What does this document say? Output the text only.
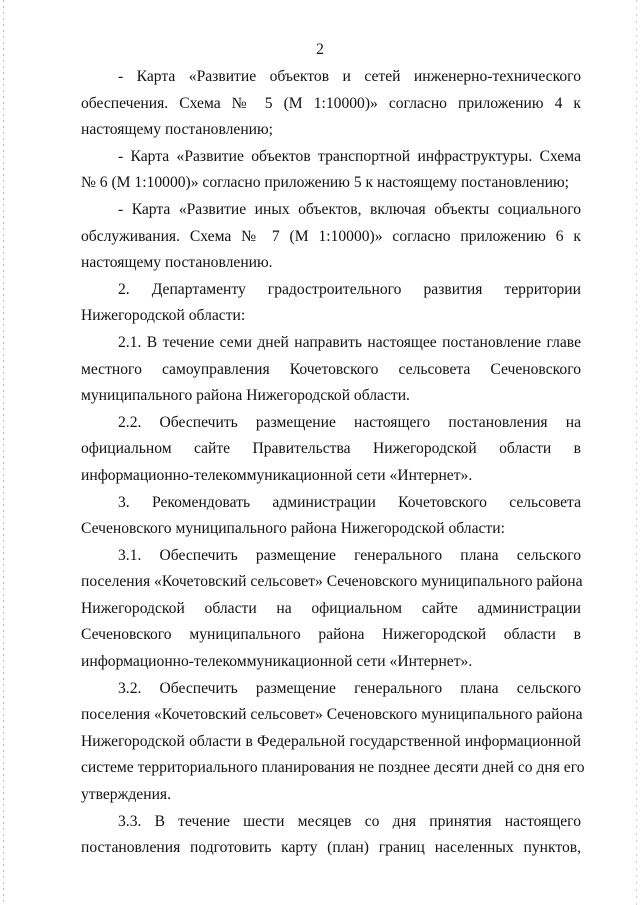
2
- Карта «Развитие объектов и сетей инженерно-технического
обеспечения. Схема № 5 (М 1:10000)» согласно приложению 4 к
настоящему постановлению;
- Карта «Развитие объектов транспортной инфраструктуры. Схема
№ 6 (М 1:10000)» согласно приложению 5 к настоящему постановлению;
- Карта «Развитие иных объектов, включая объекты социального
обслуживания. Схема № 7 (М 1:10000)» согласно приложению 6 к
настоящему постановлению.
2. Департаменту градостроительного развития территории
Нижегородской области:
2.1. В течение семи дней направить настоящее постановление главе
местного самоуправления Кочетовского сельсовета Сеченовского
муниципального района Нижегородской области.
2.2. Обеспечить размещение настоящего постановления на
официальном сайте Правительства Нижегородской области в
информационно-телекоммуникационной сети «Интернет».
3. Рекомендовать администрации Кочетовского сельсовета
Сеченовского муниципального района Нижегородской области:
3.1. Обеспечить размещение генерального плана сельского
поселения «Кочетовский сельсовет» Сеченовского муниципального района
Нижегородской области на официальном сайте администрации
Сеченовского муниципального района Нижегородской области в
информационно-телекоммуникационной сети «Интернет».
3.2. Обеспечить размещение генерального плана сельского
поселения «Кочетовский сельсовет» Сеченовского муниципального района
Нижегородской области в Федеральной государственной информационной
системе территориального планирования не позднее десяти дней со дня его
утверждения.
3.3. В течение шести месяцев со дня принятия настоящего
постановления подготовить карту (план) границ населенных пунктов,
